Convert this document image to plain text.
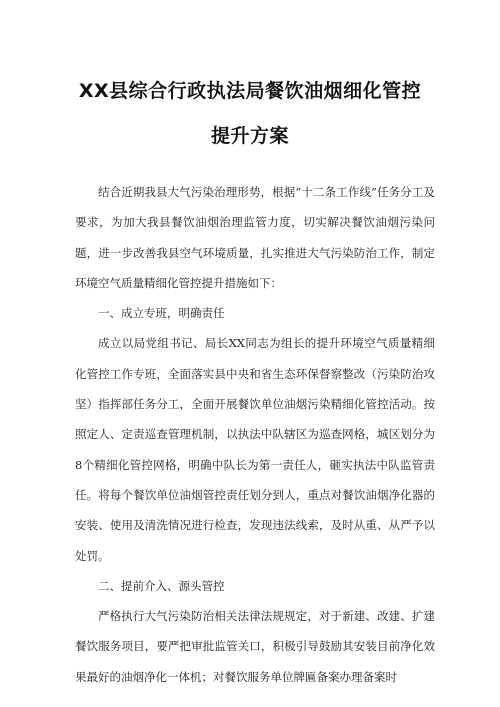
XX县综合行政执法局餐饮油烟细化管控
提升方案

结合近期我县大气污染治理形势，根据“十二条工作线”任务分工及要求，为加大我县餐饮油烟治理监管力度，切实解决餐饮油烟污染问题，进一步改善我县空气环境质量，扎实推进大气污染防治工作，制定环境空气质量精细化管控提升措施如下：

一、成立专班，明确责任

成立以局党组书记、局长XX同志为组长的提升环境空气质量精细化管控工作专班，全面落实县中央和省生态环保督察整改（污染防治攻坚）指挥部任务分工，全面开展餐饮单位油烟污染精细化管控活动。按照定人、定责巡查管理机制，以执法中队辖区为巡查网格，城区划分为8个精细化管控网格，明确中队长为第一责任人，砸实执法中队监管责任。将每个餐饮单位油烟管控责任划分到人，重点对餐饮油烟净化器的安装、使用及清洗情况进行检查，发现违法线索，及时从重、从严予以处罚。

二、提前介入、源头管控

严格执行大气污染防治相关法律法规规定，对于新建、改建、扩建餐饮服务项目，要严把审批监管关口，积极引导鼓励其安装目前净化效果最好的油烟净化一体机；对餐饮服务单位牌匾备案办理备案时
